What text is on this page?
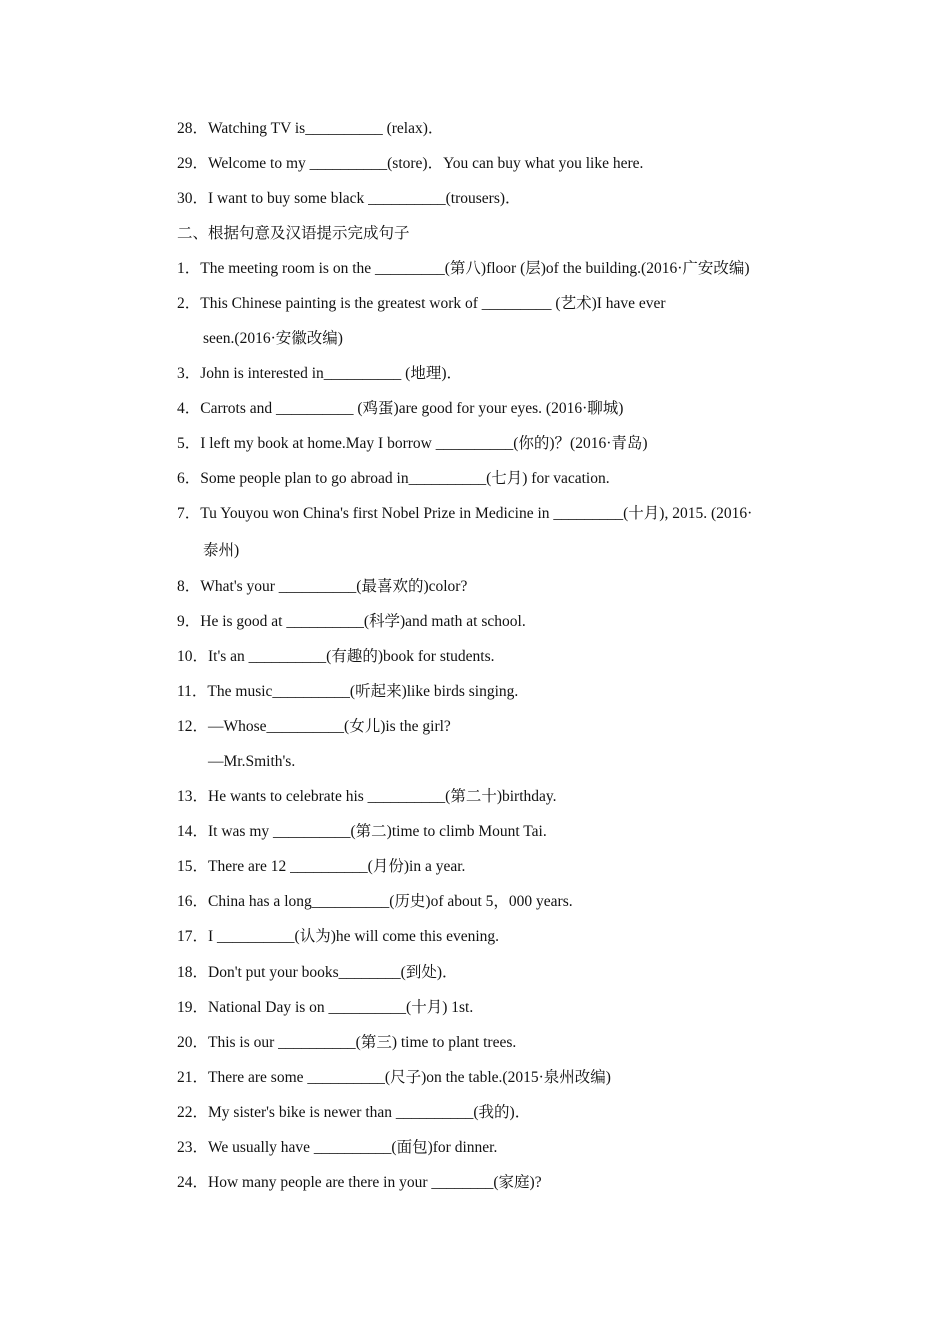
28．Watching TV is__________ (relax)．
29．Welcome to my __________(store)．You can buy what you like here.
30．I want to buy some black __________(trousers)．
二、根据句意及汉语提示完成句子
1．The meeting room is on the _________(第八)floor (层)of the building.(2016·广安改编)
2．This Chinese painting is the greatest work of _________ (艺术)I have ever
seen.(2016·安徽改编)
3．John is interested in__________ (地理)．
4．Carrots and __________ (鸡蛋)are good for your eyes. (2016·聊城)
5．I left my book at home.May I borrow __________(你的)？(2016·青岛)
6．Some people plan to go abroad in__________(七月) for vacation.
7．Tu Youyou won China's first Nobel Prize in Medicine in _________(十月), 2015. (2016·
泰州)
8．What's your __________(最喜欢的)color?
9．He is good at __________(科学)and math at school.
10．It's an __________(有趣的)book for students.
11．The music__________(听起来)like birds singing.
12．—Whose__________(女儿)is the girl?
—Mr.Smith's.
13．He wants to celebrate his __________(第二十)birthday.
14．It was my __________(第二)time to climb Mount Tai.
15．There are 12 __________(月份)in a year.
16．China has a long__________(历史)of about 5，000 years.
17．I __________(认为)he will come this evening.
18．Don't put your books________(到处)．
19．National Day is on __________(十月) 1st.
20．This is our __________(第三) time to plant trees.
21．There are some __________(尺子)on the table.(2015·泉州改编)
22．My sister's bike is newer than __________(我的)．
23．We usually have __________(面包)for dinner.
24．How many people are there in your ________(家庭)?
